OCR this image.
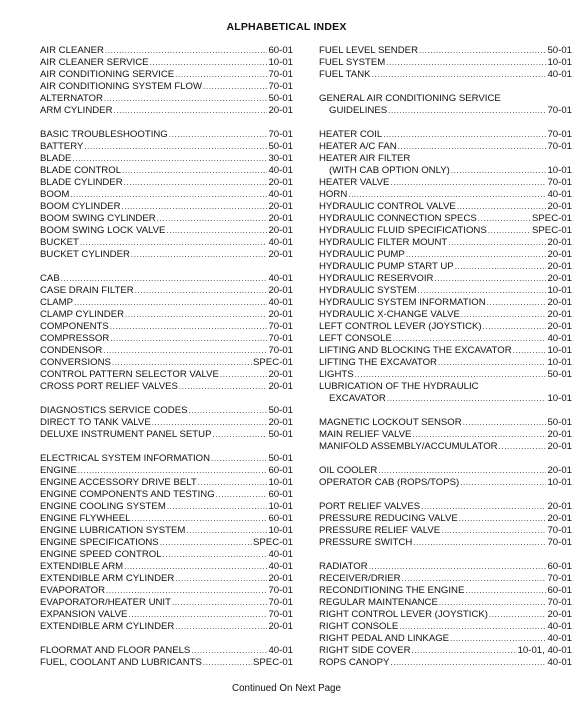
ALPHABETICAL INDEX
AIR CLEANER .....	60-01
AIR CLEANER SERVICE .....	10-01
AIR CONDITIONING SERVICE .....	70-01
AIR CONDITIONING SYSTEM FLOW .....	70-01
ALTERNATOR .....	50-01
ARM CYLINDER .....	20-01
BASIC TROUBLESHOOTING .....	70-01
BATTERY .....	50-01
BLADE .....	30-01
BLADE CONTROL .....	40-01
BLADE CYLINDER .....	20-01
BOOM .....	40-01
BOOM CYLINDER .....	20-01
BOOM SWING CYLINDER .....	20-01
BOOM SWING LOCK VALVE .....	20-01
BUCKET .....	40-01
BUCKET CYLINDER .....	20-01
CAB .....	40-01
CASE DRAIN FILTER .....	20-01
CLAMP .....	40-01
CLAMP CYLINDER .....	20-01
COMPONENTS .....	70-01
COMPRESSOR .....	70-01
CONDENSOR .....	70-01
CONVERSIONS .....	SPEC-01
CONTROL PATTERN SELECTOR VALVE .....	20-01
CROSS PORT RELIEF VALVES .....	20-01
DIAGNOSTICS SERVICE CODES .....	50-01
DIRECT TO TANK VALVE .....	20-01
DELUXE INSTRUMENT PANEL SETUP .....	50-01
ELECTRICAL SYSTEM INFORMATION .....	50-01
ENGINE .....	60-01
ENGINE ACCESSORY DRIVE BELT .....	10-01
ENGINE COMPONENTS AND TESTING .....	60-01
ENGINE COOLING SYSTEM .....	10-01
ENGINE FLYWHEEL .....	60-01
ENGINE LUBRICATION SYSTEM .....	10-01
ENGINE SPECIFICATIONS .....	SPEC-01
ENGINE SPEED CONTROL .....	40-01
EXTENDIBLE ARM .....	40-01
EXTENDIBLE ARM CYLINDER .....	20-01
EVAPORATOR .....	70-01
EVAPORATOR/HEATER UNIT .....	70-01
EXPANSION VALVE .....	70-01
EXTENDIBLE ARM CYLINDER .....	20-01
FLOORMAT AND FLOOR PANELS .....	40-01
FUEL, COOLANT AND LUBRICANTS .....	SPEC-01
FUEL LEVEL SENDER .....	50-01
FUEL SYSTEM .....	10-01
FUEL TANK .....	40-01
GENERAL AIR CONDITIONING SERVICE
GUIDELINES .....	70-01
HEATER COIL .....	70-01
HEATER A/C FAN .....	70-01
HEATER AIR FILTER
(WITH CAB OPTION ONLY) .....	10-01
HEATER VALVE .....	70-01
HORN .....	40-01
HYDRAULIC CONTROL VALVE .....	20-01
HYDRAULIC CONNECTION SPECS .....	SPEC-01
HYDRAULIC FLUID SPECIFICATIONS .....	SPEC-01
HYDRAULIC FILTER MOUNT .....	20-01
HYDRAULIC PUMP .....	20-01
HYDRAULIC PUMP START UP .....	20-01
HYDRAULIC RESERVOIR .....	20-01
HYDRAULIC SYSTEM .....	10-01
HYDRAULIC SYSTEM INFORMATION .....	20-01
HYDRAULIC X-CHANGE VALVE .....	20-01
LEFT CONTROL LEVER (JOYSTICK) .....	20-01
LEFT CONSOLE .....	40-01
LIFTING AND BLOCKING THE EXCAVATOR .....	10-01
LIFTING THE EXCAVATOR .....	10-01
LIGHTS .....	50-01
LUBRICATION OF THE HYDRAULIC
EXCAVATOR .....	10-01
MAGNETIC LOCKOUT SENSOR .....	50-01
MAIN RELIEF VALVE .....	20-01
MANIFOLD ASSEMBLY/ACCUMULATOR .....	20-01
OIL COOLER .....	20-01
OPERATOR CAB (ROPS/TOPS) .....	10-01
PORT RELIEF VALVES .....	20-01
PRESSURE REDUCING VALVE .....	20-01
PRESSURE RELIEF VALVE .....	70-01
PRESSURE SWITCH .....	70-01
RADIATOR .....	60-01
RECEIVER/DRIER .....	70-01
RECONDITIONING THE ENGINE .....	60-01
REGULAR MAINTENANCE .....	70-01
RIGHT CONTROL LEVER (JOYSTICK) .....	20-01
RIGHT CONSOLE .....	40-01
RIGHT PEDAL AND LINKAGE .....	40-01
RIGHT SIDE COVER .....	10-01, 40-01
ROPS CANOPY .....	40-01
Continued On Next Page
